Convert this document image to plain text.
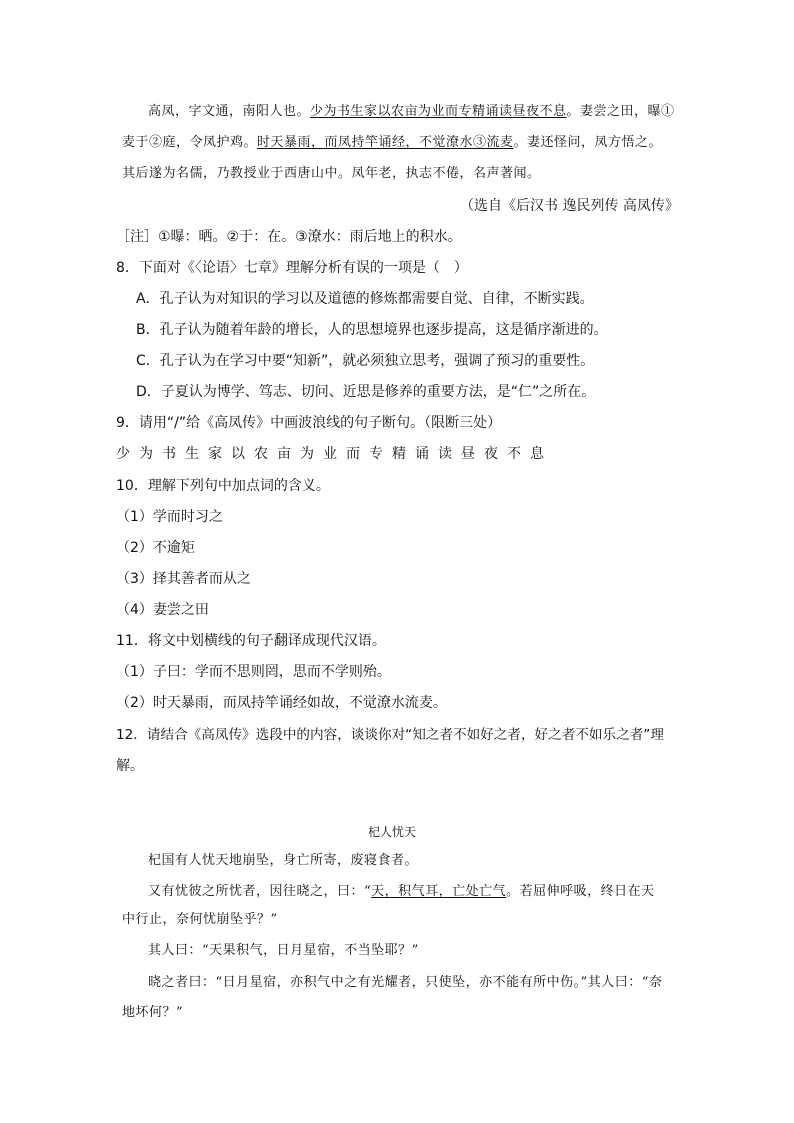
高凤，字文通，南阳人也。少为书生家以农亩为业而专精诵读昼夜不息。妻尝之田，曝①
麦于②庭，令凤护鸡。时天暴雨，而凤持竿诵经，不觉潦水③流麦。妻还怪问，凤方悟之。
其后遂为名儒，乃教授业于西唐山中。凤年老，执志不倦，名声著闻。
（选自《后汉书 逸民列传 高凤传》
［注］①曝：晒。②于：在。③潦水：雨后地上的积水。
8．下面对《〈论语〉七章》理解分析有误的一项是（　）
A．孔子认为对知识的学习以及道德的修炼都需要自觉、自律，不断实践。
B．孔子认为随着年龄的增长，人的思想境界也逐步提高，这是循序渐进的。
C．孔子认为在学习中要“知新”，就必须独立思考，强调了预习的重要性。
D．子夏认为博学、笃志、切问、近思是修养的重要方法，是“仁”之所在。
9．请用“/”给《高凤传》中画波浪线的句子断句。（限断三处）
少为书生家以农亩为业而专精诵读昼夜不息
10．理解下列句中加点词的含义。
（1）学而时习之
（2）不逾矩
（3）择其善者而从之
（4）妻尝之田
11．将文中划横线的句子翻译成现代汉语。
（1）子曰：学而不思则罔，思而不学则殆。
（2）时天暴雨，而凤持竿诵经如故，不觉潦水流麦。
12．请结合《高凤传》选段中的内容，谈谈你对“知之者不如好之者，好之者不如乐之者”理
解。
杞人忧天
杞国有人忧天地崩坠，身亡所寄，废寝食者。
又有忧彼之所忧者，因往晓之，曰：“天，积气耳，亡处亡气。若屈伸呼吸，终日在天
中行止，奈何忧崩坠乎？”
其人曰：“天果积气，日月星宿，不当坠耶？”
晓之者曰：“日月星宿，亦积气中之有光耀者，只使坠，亦不能有所中伤。”其人曰：“奈
地坏何？”
